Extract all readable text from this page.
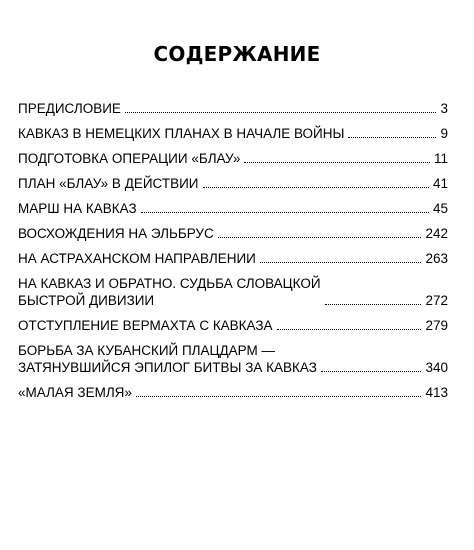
СОДЕРЖАНИЕ
ПРЕДИСЛОВИЕ	3
КАВКАЗ В НЕМЕЦКИХ ПЛАНАХ В НАЧАЛЕ ВОЙНЫ	9
ПОДГОТОВКА ОПЕРАЦИИ «БЛАУ»	11
ПЛАН «БЛАУ» В ДЕЙСТВИИ	41
МАРШ НА КАВКАЗ	45
ВОСХОЖДЕНИЯ НА ЭЛЬБРУС	242
НА АСТРАХАНСКОМ НАПРАВЛЕНИИ	263
НА КАВКАЗ И ОБРАТНО. СУДЬБА СЛОВАЦКОЙ
БЫСТРОЙ ДИВИЗИИ	272
ОТСТУПЛЕНИЕ ВЕРМАХТА С КАВКАЗА	279
БОРЬБА ЗА КУБАНСКИЙ ПЛАЦДАРМ —
ЗАТЯНУВШИЙСЯ ЭПИЛОГ БИТВЫ ЗА КАВКАЗ	340
«МАЛАЯ ЗЕМЛЯ»	413
